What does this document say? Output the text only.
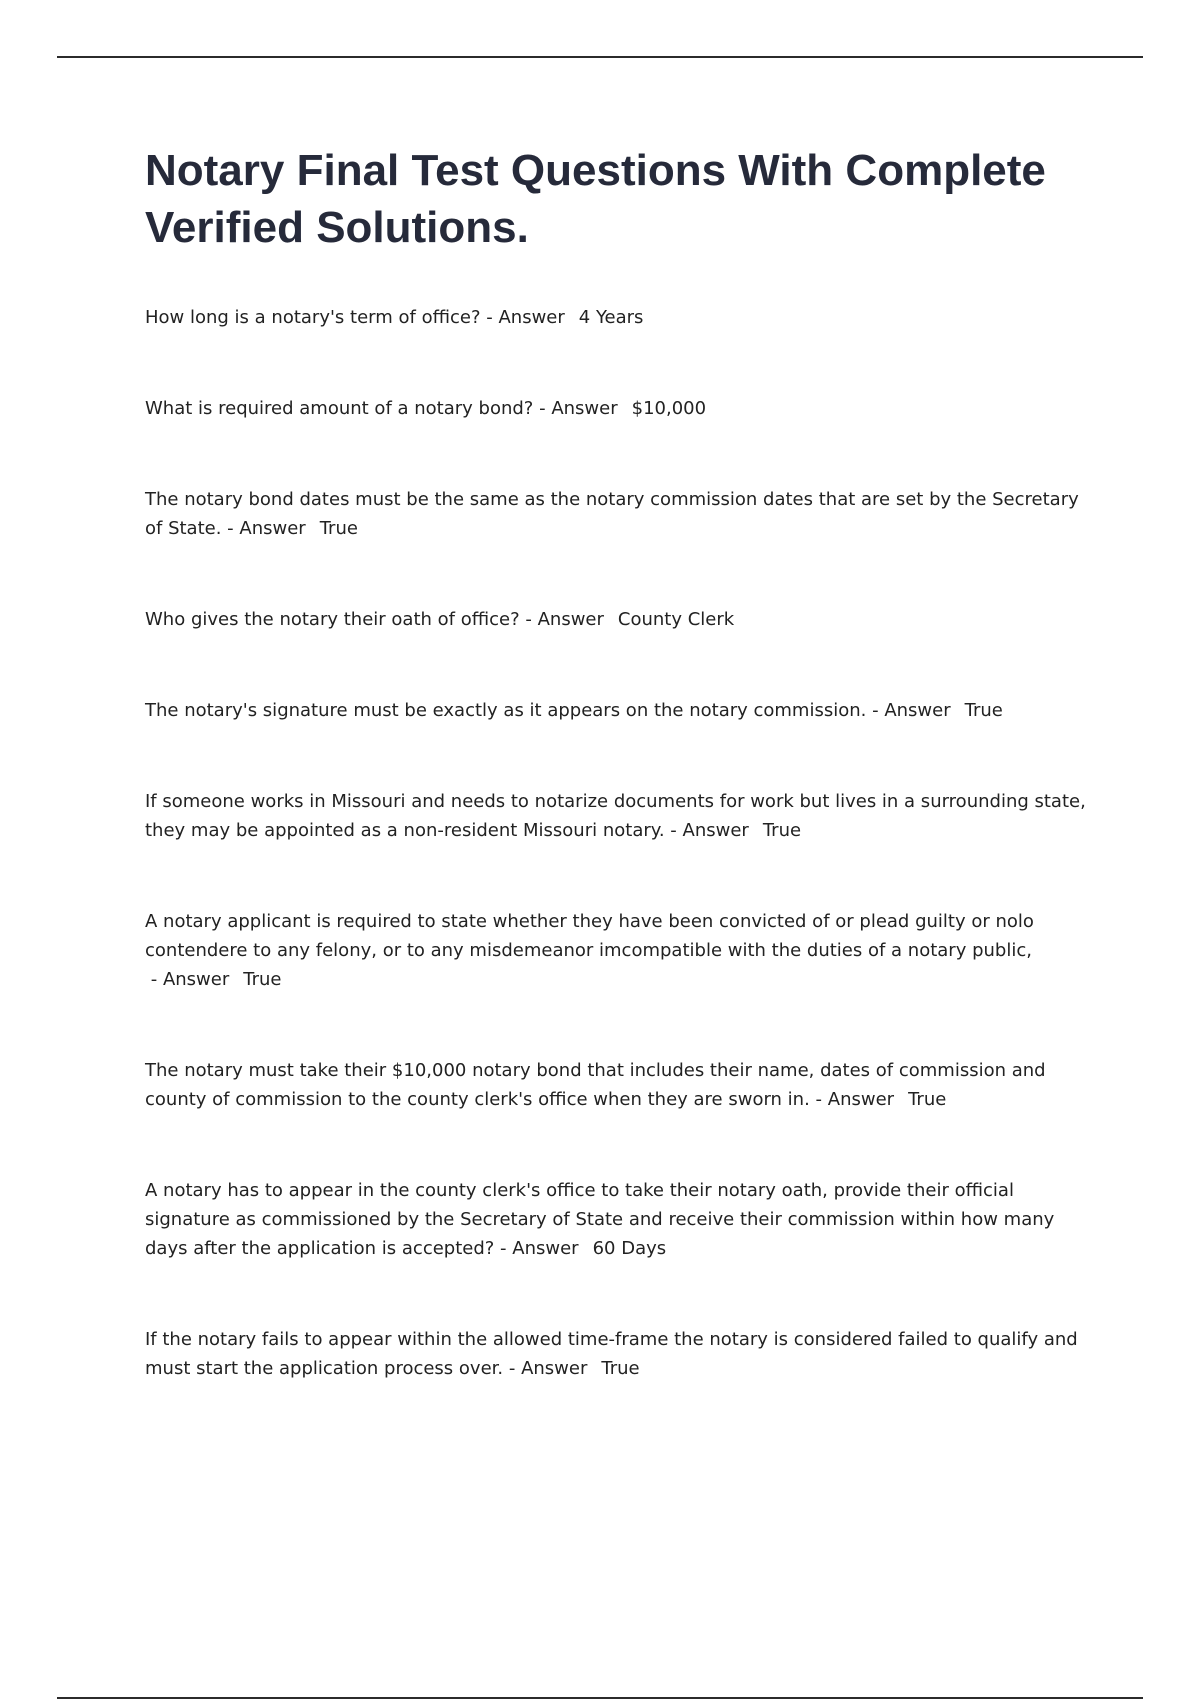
Notary Final Test Questions With Complete Verified Solutions.
How long is a notary's term of office? - Answer 4 Years
What is required amount of a notary bond? - Answer $10,000
The notary bond dates must be the same as the notary commission dates that are set by the Secretary of State. - Answer True
Who gives the notary their oath of office? - Answer County Clerk
The notary's signature must be exactly as it appears on the notary commission. - Answer True
If someone works in Missouri and needs to notarize documents for work but lives in a surrounding state, they may be appointed as a non-resident Missouri notary. - Answer True
A notary applicant is required to state whether they have been convicted of or plead guilty or nolo contendere to any felony, or to any misdemeanor imcompatible with the duties of a notary public, - Answer True
The notary must take their $10,000 notary bond that includes their name, dates of commission and county of commission to the county clerk's office when they are sworn in. - Answer True
A notary has to appear in the county clerk's office to take their notary oath, provide their official signature as commissioned by the Secretary of State and receive their commission within how many days after the application is accepted? - Answer 60 Days
If the notary fails to appear within the allowed time-frame the notary is considered failed to qualify and must start the application process over. - Answer True
